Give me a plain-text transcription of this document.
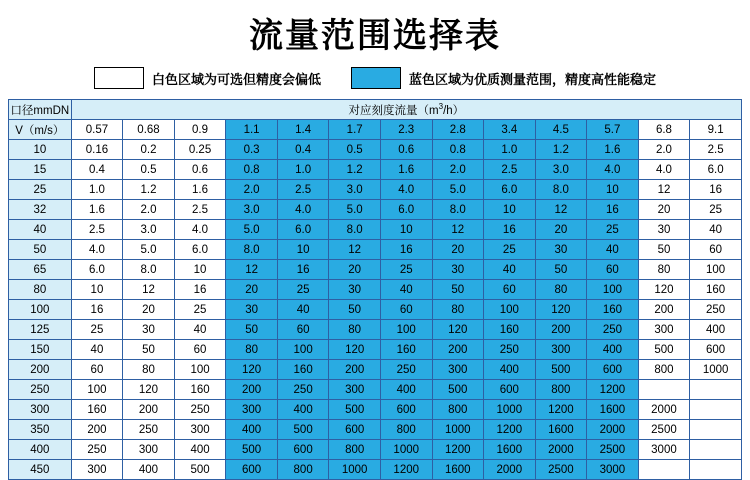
流量范围选择表
白色区域为可选但精度会偏低	蓝色区域为优质测量范围，精度高性能稳定
口径mmDN	对应刻度流量$(m^3/h)$												
V（m/s）	0.57	0.68	0.9	1.1	1.4	1.7	2.3	2.8	3.4	4.5	5.7	6.8	9.1
10	0.16	0.2	0.25	0.3	0.4	0.5	0.6	0.8	1.0	1.2	1.6	2.0	2.5
15	0.4	0.5	0.6	0.8	1.0	1.2	1.6	2.0	2.5	3.0	4.0	4.0	6.0
25	1.0	1.2	1.6	2.0	2.5	3.0	4.0	5.0	6.0	8.0	10	12	16
32	1.6	2.0	2.5	3.0	4.0	5.0	6.0	8.0	10	12	16	20	25
40	2.5	3.0	4.0	5.0	6.0	8.0	10	12	16	20	25	30	40
50	4.0	5.0	6.0	8.0	10	12	16	20	25	30	40	50	60
65	6.0	8.0	10	12	16	20	25	30	40	50	60	80	100
80	10	12	16	20	25	30	40	50	60	80	100	120	160
100	16	20	25	30	40	50	60	80	100	120	160	200	250
125	25	30	40	50	60	80	100	120	160	200	250	300	400
150	40	50	60	80	100	120	160	200	250	300	400	500	600
200	60	80	100	120	160	200	250	300	400	500	600	800	1000
250	100	120	160	200	250	300	400	500	600	800	1200		
300	160	200	250	300	400	500	600	800	1000	1200	1600	2000	
350	200	250	300	400	500	600	800	1000	1200	1600	2000	2500	
400	250	300	400	500	600	800	1000	1200	1600	2000	2500	3000	
450	300	400	500	600	800	1000	1200	1600	2000	2500	3000		
